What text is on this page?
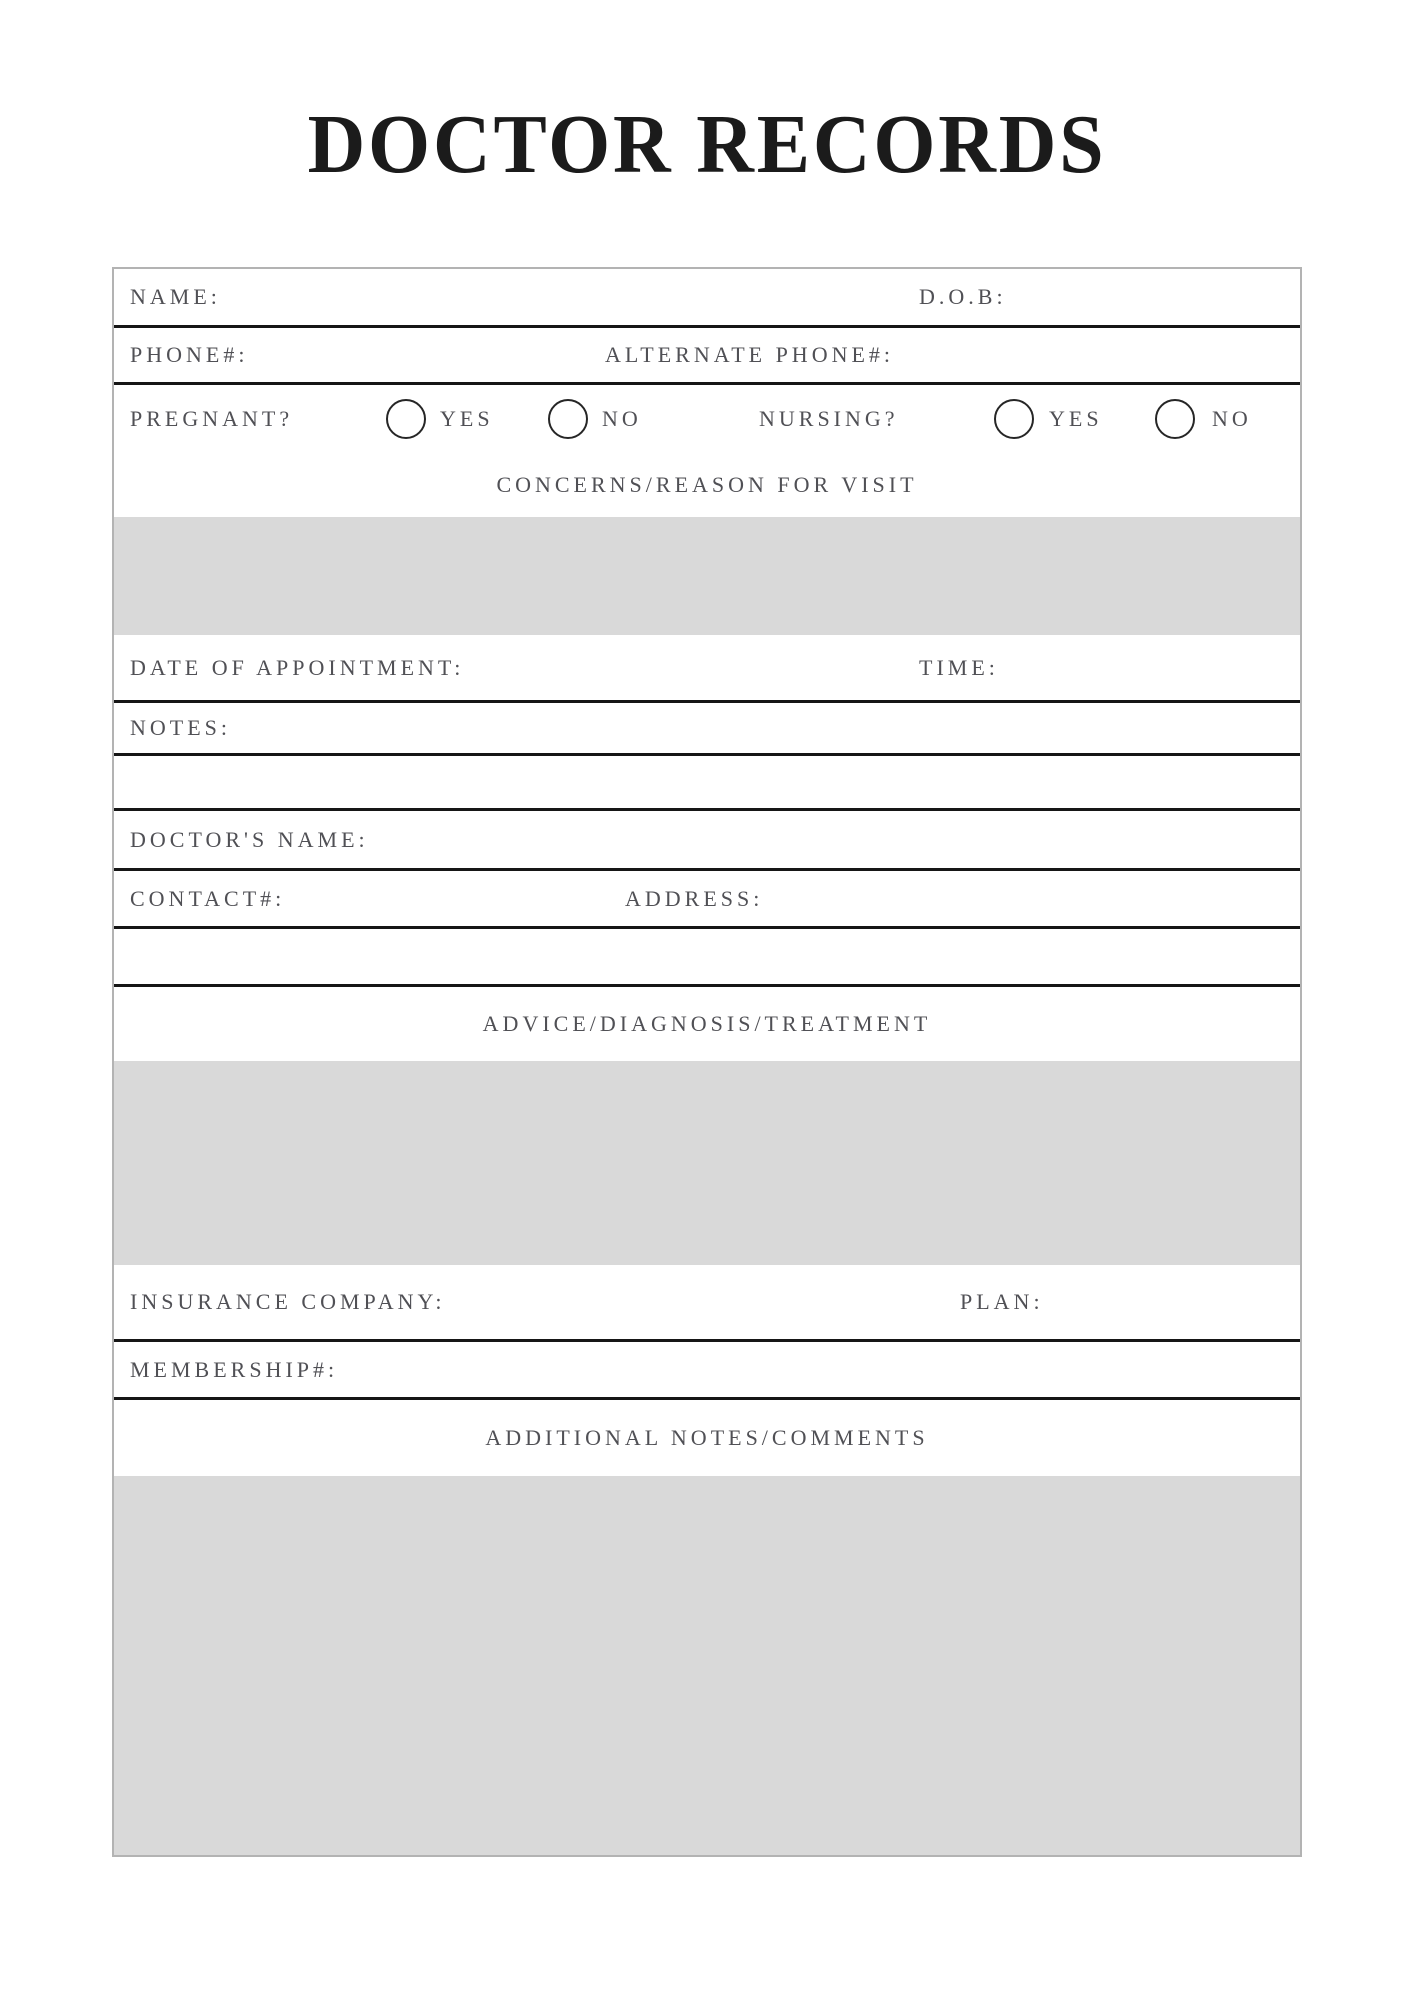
DOCTOR RECORDS
NAME:	D.O.B:
PHONE#:	ALTERNATE PHONE#:
PREGNANT?	YES	NO	NURSING?	YES	NO
CONCERNS/REASON FOR VISIT
DATE OF APPOINTMENT:	TIME:
NOTES:
DOCTOR'S NAME:
CONTACT#:	ADDRESS:
ADVICE/DIAGNOSIS/TREATMENT
INSURANCE COMPANY:	PLAN:
MEMBERSHIP#:
ADDITIONAL NOTES/COMMENTS
